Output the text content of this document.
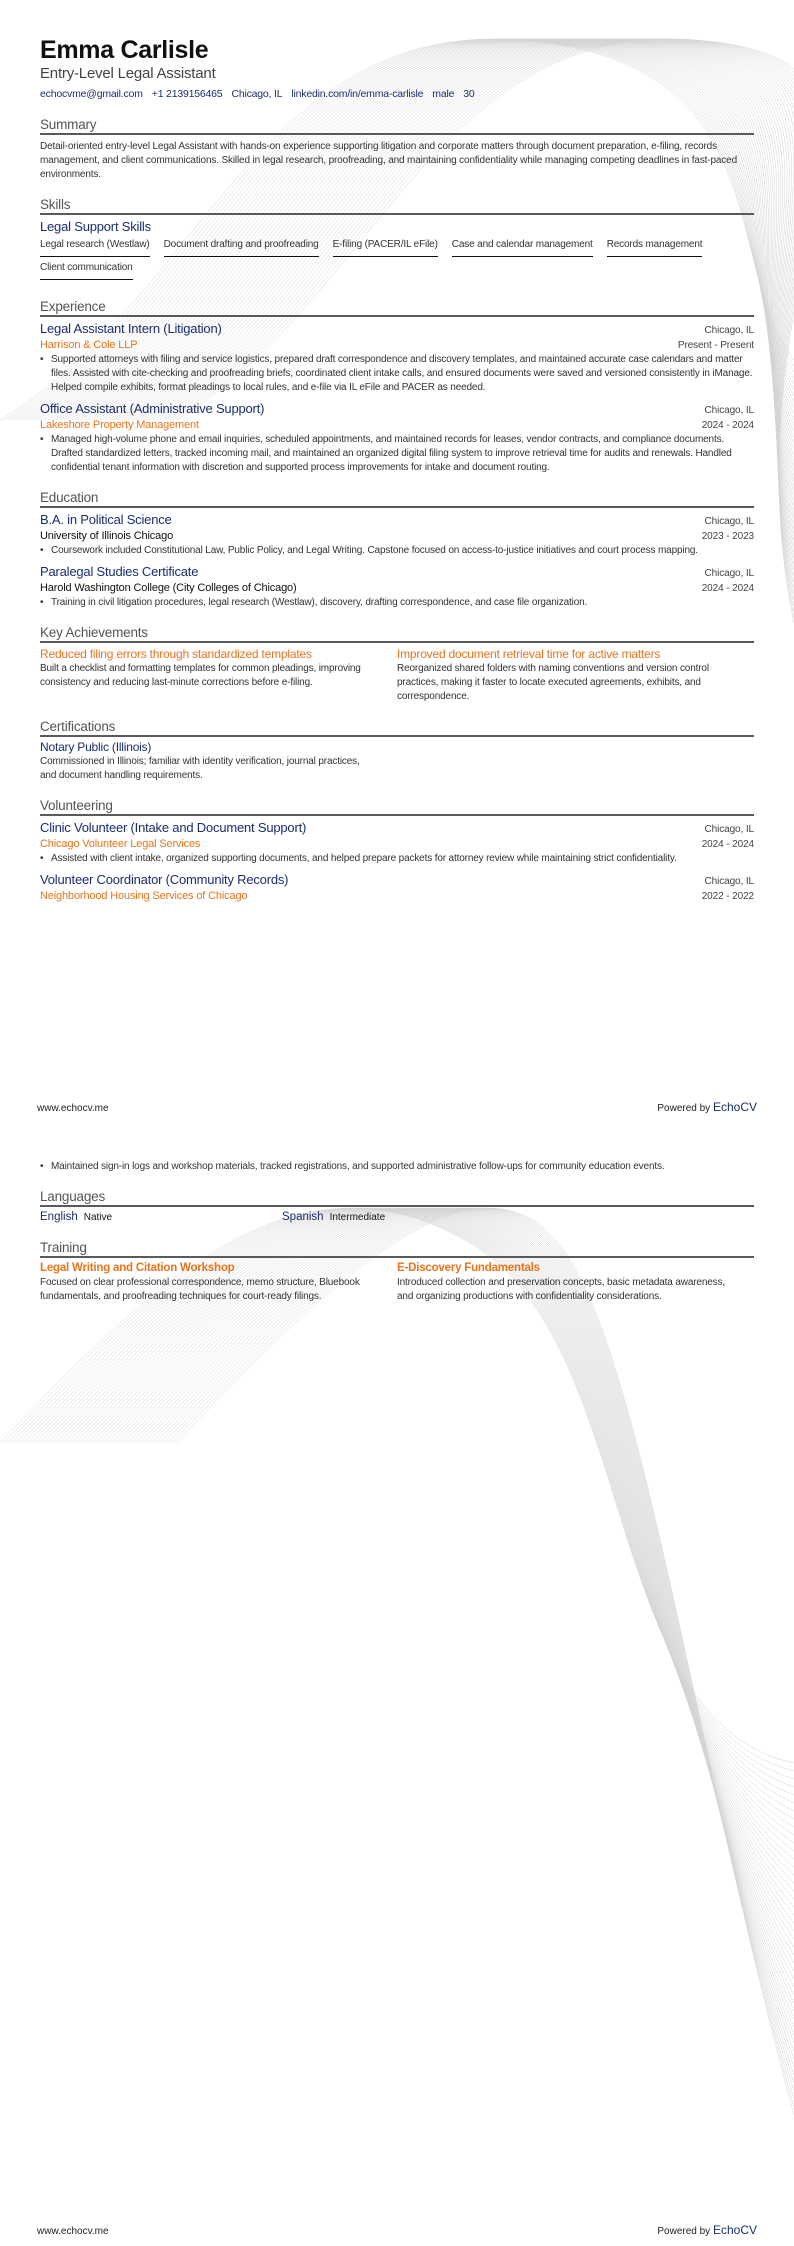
Emma Carlisle
Entry-Level Legal Assistant
echocvme@gmail.com +1 2139156465 Chicago, IL linkedin.com/in/emma-carlisle male 30
Summary
Detail-oriented entry-level Legal Assistant with hands-on experience supporting litigation and corporate matters through document preparation, e-filing, records management, and client communications. Skilled in legal research, proofreading, and maintaining confidentiality while managing competing deadlines in fast-paced environments.
Skills
Legal Support Skills
Legal research (Westlaw) Document drafting and proofreading E-filing (PACER/IL eFile) Case and calendar management Records management
Client communication
Experience
Legal Assistant Intern (Litigation)	Chicago, IL
Harrison & Cole LLP	Present - Present
• Supported attorneys with filing and service logistics, prepared draft correspondence and discovery templates, and maintained accurate case calendars and matter files. Assisted with cite-checking and proofreading briefs, coordinated client intake calls, and ensured documents were saved and versioned consistently in iManage. Helped compile exhibits, format pleadings to local rules, and e-file via IL eFile and PACER as needed.
Office Assistant (Administrative Support)	Chicago, IL
Lakeshore Property Management	2024 - 2024
• Managed high-volume phone and email inquiries, scheduled appointments, and maintained records for leases, vendor contracts, and compliance documents. Drafted standardized letters, tracked incoming mail, and maintained an organized digital filing system to improve retrieval time for audits and renewals. Handled confidential tenant information with discretion and supported process improvements for intake and document routing.
Education
B.A. in Political Science	Chicago, IL
University of Illinois Chicago	2023 - 2023
• Coursework included Constitutional Law, Public Policy, and Legal Writing. Capstone focused on access-to-justice initiatives and court process mapping.
Paralegal Studies Certificate	Chicago, IL
Harold Washington College (City Colleges of Chicago)	2024 - 2024
• Training in civil litigation procedures, legal research (Westlaw), discovery, drafting correspondence, and case file organization.
Key Achievements
Reduced filing errors through standardized templates
Built a checklist and formatting templates for common pleadings, improving consistency and reducing last-minute corrections before e-filing.
Improved document retrieval time for active matters
Reorganized shared folders with naming conventions and version control practices, making it faster to locate executed agreements, exhibits, and correspondence.
Certifications
Notary Public (Illinois)
Commissioned in Illinois; familiar with identity verification, journal practices, and document handling requirements.
Volunteering
Clinic Volunteer (Intake and Document Support)	Chicago, IL
Chicago Volunteer Legal Services	2024 - 2024
• Assisted with client intake, organized supporting documents, and helped prepare packets for attorney review while maintaining strict confidentiality.
Volunteer Coordinator (Community Records)	Chicago, IL
Neighborhood Housing Services of Chicago	2022 - 2022
www.echocv.me	Powered by EchoCV
• Maintained sign-in logs and workshop materials, tracked registrations, and supported administrative follow-ups for community education events.
Languages
English Native	Spanish Intermediate
Training
Legal Writing and Citation Workshop
Focused on clear professional correspondence, memo structure, Bluebook fundamentals, and proofreading techniques for court-ready filings.
E-Discovery Fundamentals
Introduced collection and preservation concepts, basic metadata awareness, and organizing productions with confidentiality considerations.
www.echocv.me	Powered by EchoCV
